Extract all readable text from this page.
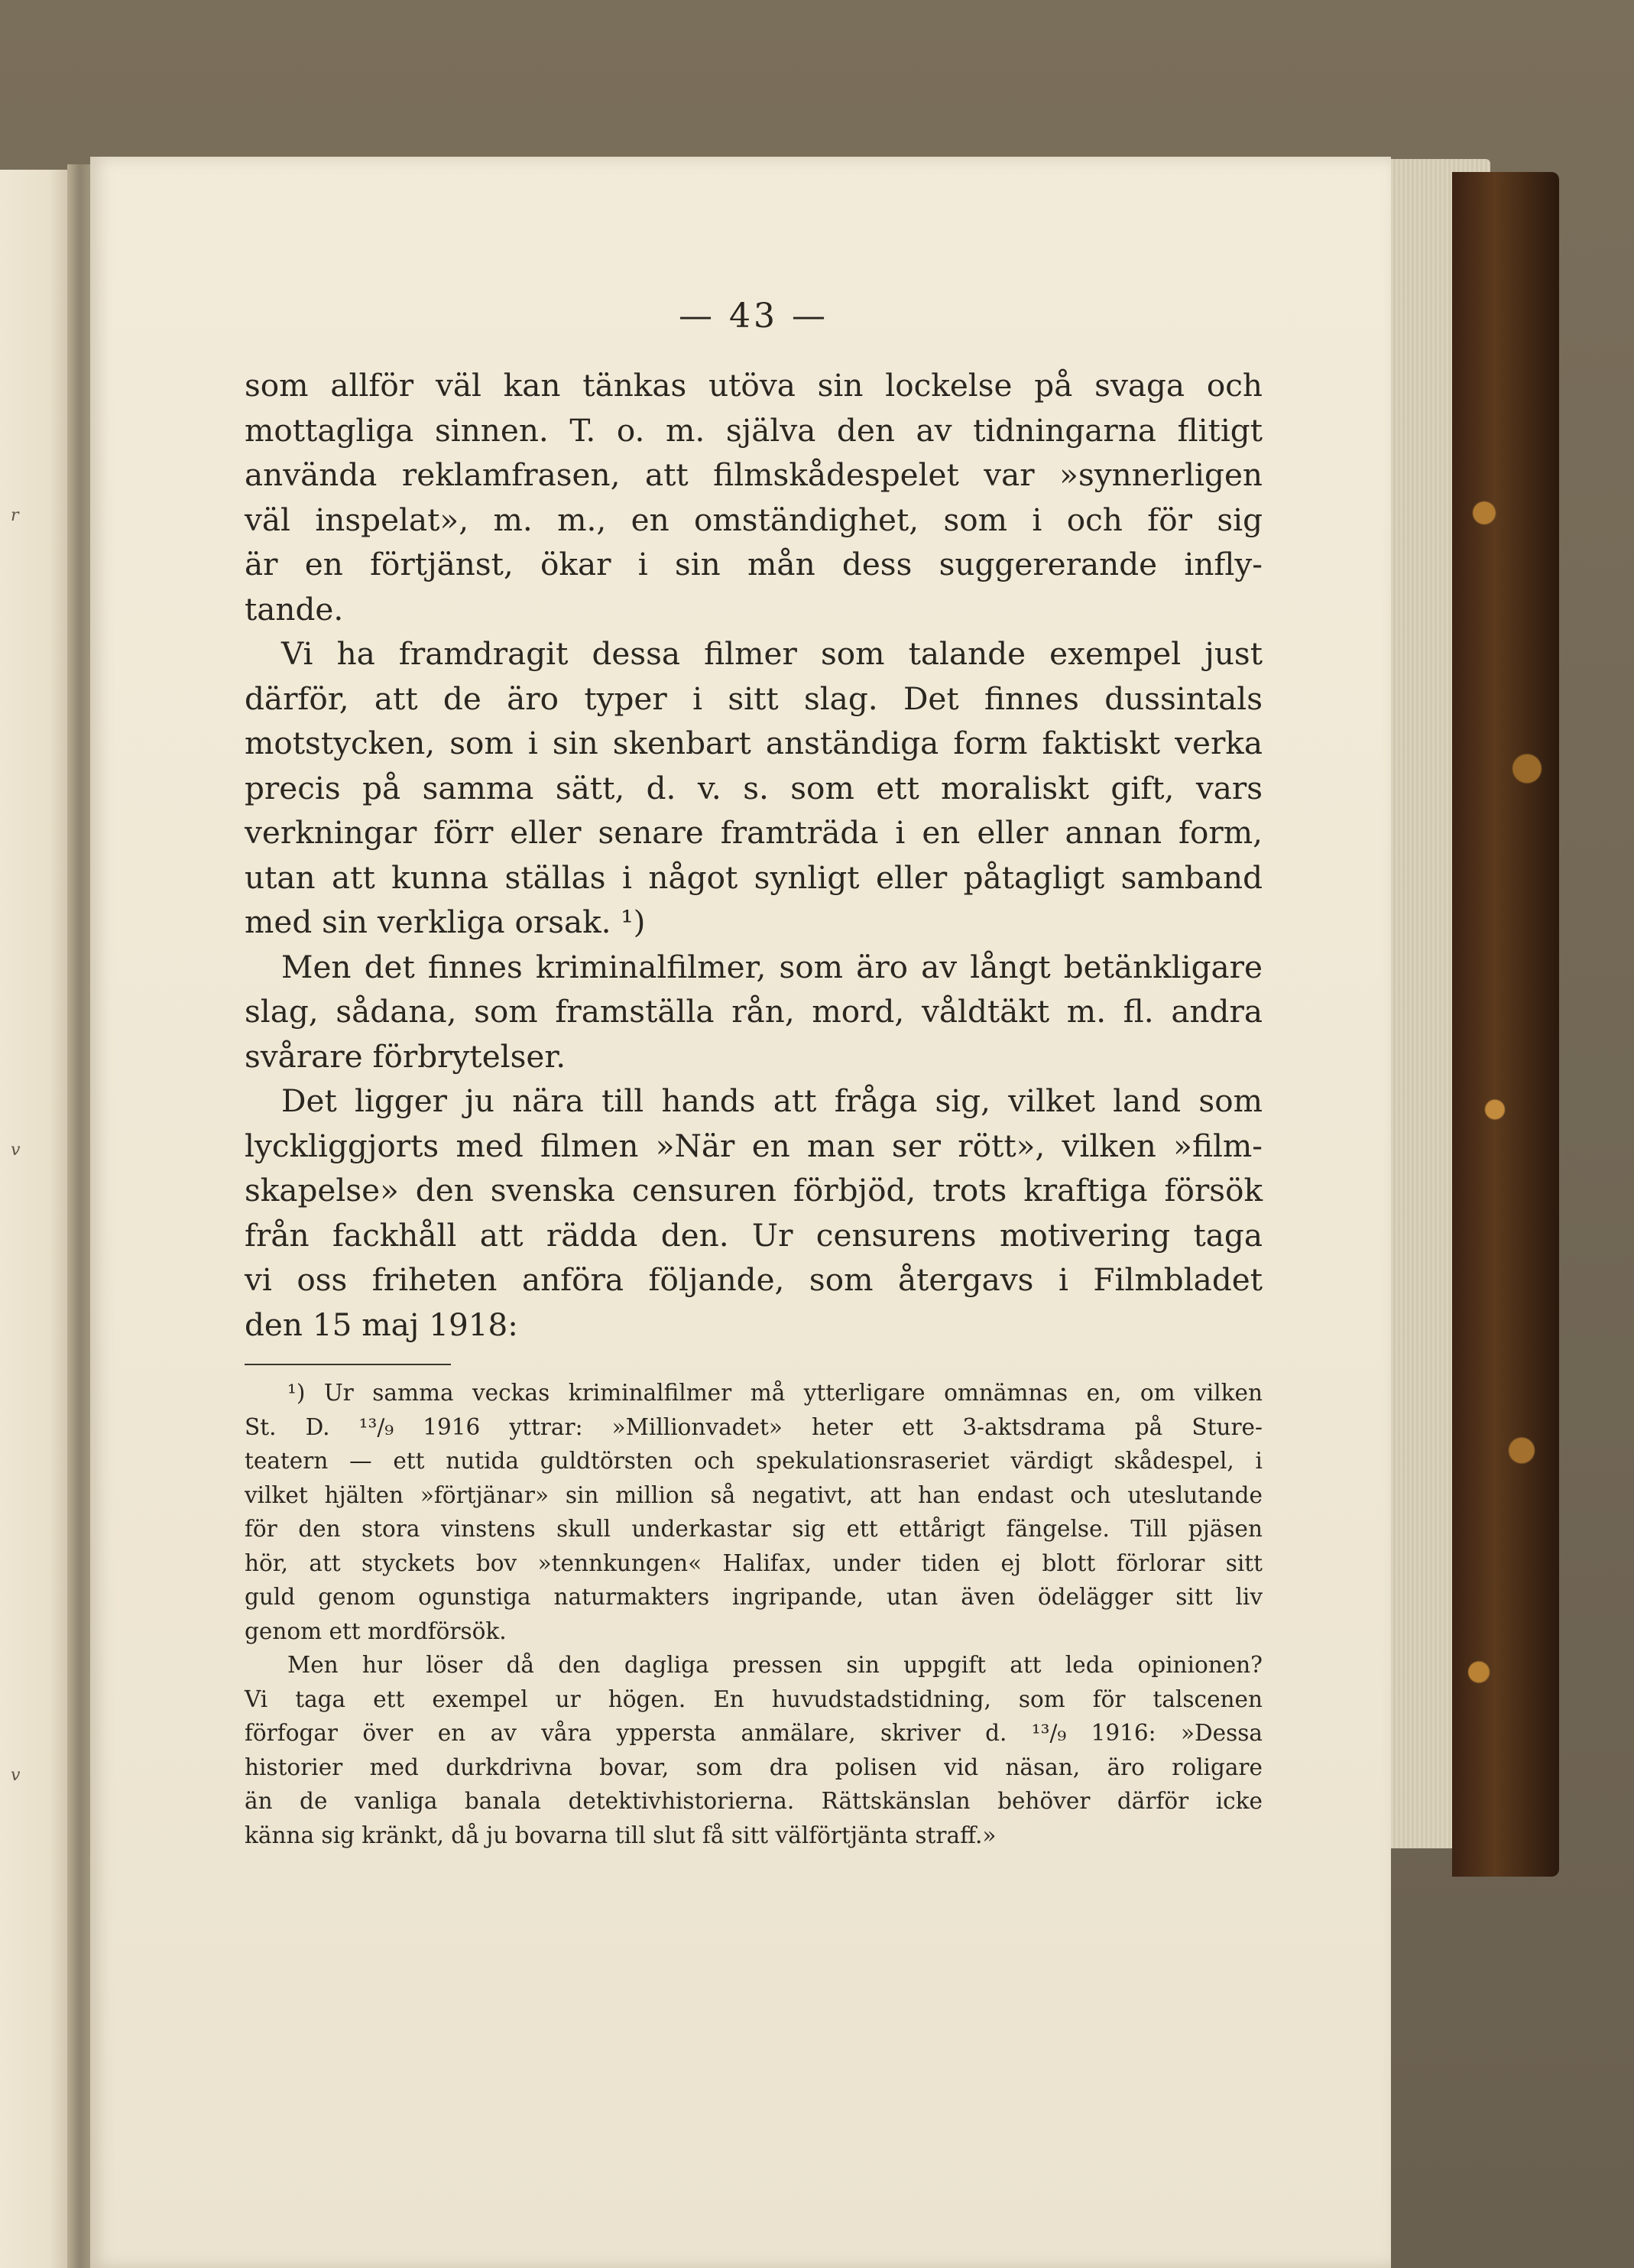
r
v
v
— 43 —
som allför väl kan tänkas utöva sin lockelse på svaga och
mottagliga sinnen. T. o. m. själva den av tidningarna flitigt
använda reklamfrasen, att filmskådespelet var »synnerligen
väl inspelat», m. m., en omständighet, som i och för sig
är en förtjänst, ökar i sin mån dess suggererande infly-
tande.
Vi ha framdragit dessa filmer som talande exempel just
därför, att de äro typer i sitt slag. Det finnes dussintals
motstycken, som i sin skenbart anständiga form faktiskt verka
precis på samma sätt, d. v. s. som ett moraliskt gift, vars
verkningar förr eller senare framträda i en eller annan form,
utan att kunna ställas i något synligt eller påtagligt samband
med sin verkliga orsak. ¹)
Men det finnes kriminalfilmer, som äro av långt betänkligare
slag, sådana, som framställa rån, mord, våldtäkt m. fl. andra
svårare förbrytelser.
Det ligger ju nära till hands att fråga sig, vilket land som
lyckliggjorts med filmen »När en man ser rött», vilken »film-
skapelse» den svenska censuren förbjöd, trots kraftiga försök
från fackhåll att rädda den. Ur censurens motivering taga
vi oss friheten anföra följande, som återgavs i Filmbladet
den 15 maj 1918:
¹) Ur samma veckas kriminalfilmer må ytterligare omnämnas en, om vilken
St. D. ¹³/₉ 1916 yttrar: »Millionvadet» heter ett 3-aktsdrama på Sture-
teatern — ett nutida guldtörsten och spekulationsraseriet värdigt skådespel, i
vilket hjälten »förtjänar» sin million så negativt, att han endast och uteslutande
för den stora vinstens skull underkastar sig ett ettårigt fängelse. Till pjäsen
hör, att styckets bov »tennkungen« Halifax, under tiden ej blott förlorar sitt
guld genom ogunstiga naturmakters ingripande, utan även ödelägger sitt liv
genom ett mordförsök.
Men hur löser då den dagliga pressen sin uppgift att leda opinionen?
Vi taga ett exempel ur högen. En huvudstadstidning, som för talscenen
förfogar över en av våra yppersta anmälare, skriver d. ¹³/₉ 1916: »Dessa
historier med durkdrivna bovar, som dra polisen vid näsan, äro roligare
än de vanliga banala detektivhistorierna. Rättskänslan behöver därför icke
känna sig kränkt, då ju bovarna till slut få sitt välförtjänta straff.»
